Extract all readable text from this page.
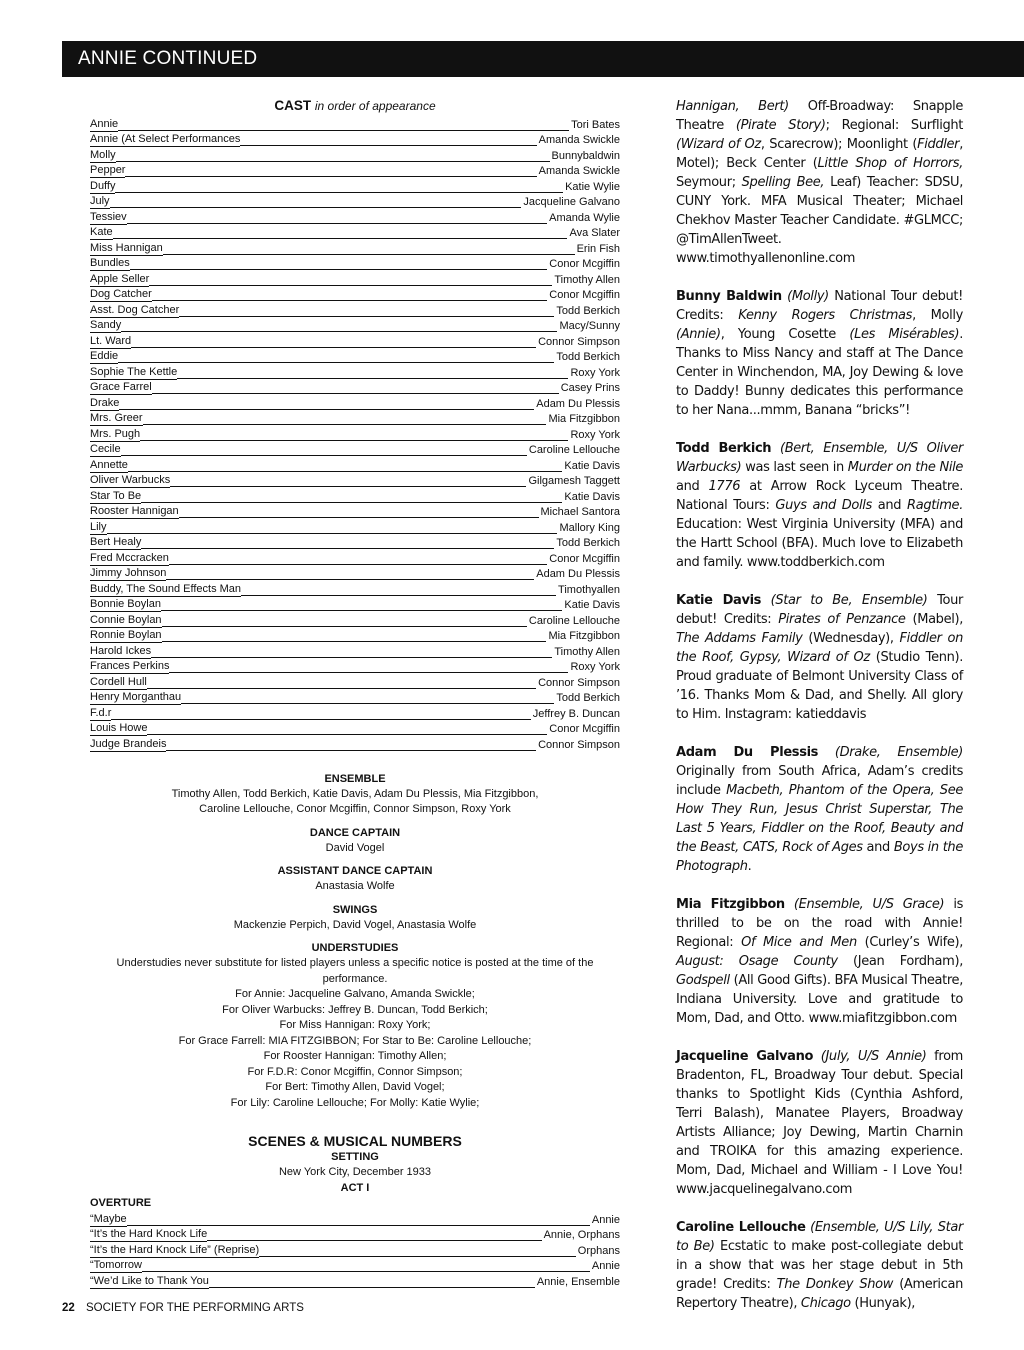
ANNIE CONTINUED
CAST in order of appearance
Annie	Tori Bates
Annie (At Select Performances	Amanda Swickle
Molly	Bunnybaldwin
Pepper	Amanda Swickle
Duffy	Katie Wylie
July	Jacqueline Galvano
Tessiev	Amanda Wylie
Kate	Ava Slater
Miss Hannigan	Erin Fish
Bundles	Conor Mcgiffin
Apple Seller	Timothy Allen
Dog Catcher	Conor Mcgiffin
Asst. Dog Catcher	Todd Berkich
Sandy	Macy/Sunny
Lt. Ward	Connor Simpson
Eddie	Todd Berkich
Sophie The Kettle	Roxy York
Grace Farrel	Casey Prins
Drake	Adam Du Plessis
Mrs. Greer	Mia Fitzgibbon
Mrs. Pugh	Roxy York
Cecile	Caroline Lellouche
Annette	Katie Davis
Oliver Warbucks	Gilgamesh Taggett
Star To Be	Katie Davis
Rooster Hannigan	Michael Santora
Lily	Mallory King
Bert Healy	Todd Berkich
Fred Mccracken	Conor Mcgiffin
Jimmy Johnson	Adam Du Plessis
Buddy, The Sound Effects Man	Timothyallen
Bonnie Boylan	Katie Davis
Connie Boylan	Caroline Lellouche
Ronnie Boylan	Mia Fitzgibbon
Harold Ickes	Timothy Allen
Frances Perkins	Roxy York
Cordell Hull	Connor Simpson
Henry Morganthau	Todd Berkich
F.d.r	Jeffrey B. Duncan
Louis Howe	Conor Mcgiffin
Judge Brandeis	Connor Simpson
ENSEMBLE
Timothy Allen, Todd Berkich, Katie Davis, Adam Du Plessis, Mia Fitzgibbon,
Caroline Lellouche, Conor Mcgiffin, Connor Simpson, Roxy York
DANCE CAPTAIN
David Vogel
ASSISTANT DANCE CAPTAIN
Anastasia Wolfe
SWINGS
Mackenzie Perpich, David Vogel, Anastasia Wolfe
UNDERSTUDIES
Understudies never substitute for listed players unless a specific notice is posted at the time of the performance.
For Annie: Jacqueline Galvano, Amanda Swickle;
For Oliver Warbucks: Jeffrey B. Duncan, Todd Berkich;
For Miss Hannigan: Roxy York;
For Grace Farrell: MIA FITZGIBBON; For Star to Be: Caroline Lellouche;
For Rooster Hannigan: Timothy Allen;
For F.D.R: Conor Mcgiffin, Connor Simpson;
For Bert: Timothy Allen, David Vogel;
For Lily: Caroline Lellouche; For Molly: Katie Wylie;
SCENES & MUSICAL NUMBERS
SETTING
New York City, December 1933
ACT I
OVERTURE
“Maybe	Annie
“It’s the Hard Knock Life	Annie, Orphans
“It’s the Hard Knock Life” (Reprise)	Orphans
“Tomorrow	Annie
“We’d Like to Thank You	Annie, Ensemble

Hannigan, Bert) Off-Broadway: Snapple Theatre (Pirate Story); Regional: Surflight (Wizard of Oz, Scarecrow); Moonlight (Fiddler, Motel); Beck Center (Little Shop of Horrors, Seymour; Spelling Bee, Leaf) Teacher: SDSU, CUNY York. MFA Musical Theater; Michael Chekhov Master Teacher Candidate. #GLMCC; @TimAllenTweet. www.timothyallenonline.com

Bunny Baldwin (Molly) National Tour debut! Credits: Kenny Rogers Christmas, Molly (Annie), Young Cosette (Les Misérables). Thanks to Miss Nancy and staff at The Dance Center in Winchendon, MA, Joy Dewing & love to Daddy! Bunny dedicates this performance to her Nana...mmm, Banana “bricks”!

Todd Berkich (Bert, Ensemble, U/S Oliver Warbucks) was last seen in Murder on the Nile and 1776 at Arrow Rock Lyceum Theatre. National Tours: Guys and Dolls and Ragtime. Education: West Virginia University (MFA) and the Hartt School (BFA). Much love to Elizabeth and family. www.toddberkich.com

Katie Davis (Star to Be, Ensemble) Tour debut! Credits: Pirates of Penzance (Mabel), The Addams Family (Wednesday), Fiddler on the Roof, Gypsy, Wizard of Oz (Studio Tenn). Proud graduate of Belmont University Class of ’16. Thanks Mom & Dad, and Shelly. All glory to Him. Instagram: katieddavis

Adam Du Plessis (Drake, Ensemble) Originally from South Africa, Adam’s credits include Macbeth, Phantom of the Opera, See How They Run, Jesus Christ Superstar, The Last 5 Years, Fiddler on the Roof, Beauty and the Beast, CATS, Rock of Ages and Boys in the Photograph.

Mia Fitzgibbon (Ensemble, U/S Grace) is thrilled to be on the road with Annie! Regional: Of Mice and Men (Curley’s Wife), August: Osage County (Jean Fordham), Godspell (All Good Gifts). BFA Musical Theatre, Indiana University. Love and gratitude to Mom, Dad, and Otto. www.miafitzgibbon.com

Jacqueline Galvano (July, U/S Annie) from Bradenton, FL, Broadway Tour debut. Special thanks to Spotlight Kids (Cynthia Ashford, Terri Balash), Manatee Players, Broadway Artists Alliance; Joy Dewing, Martin Charnin and TROIKA for this amazing experience. Mom, Dad, Michael and William - I Love You! www.jacquelinegalvano.com

Caroline Lellouche (Ensemble, U/S Lily, Star to Be) Ecstatic to make post-collegiate debut in a show that was her stage debut in 5th grade! Credits: The Donkey Show (American Repertory Theatre), Chicago (Hunyak),

22 SOCIETY FOR THE PERFORMING ARTS
